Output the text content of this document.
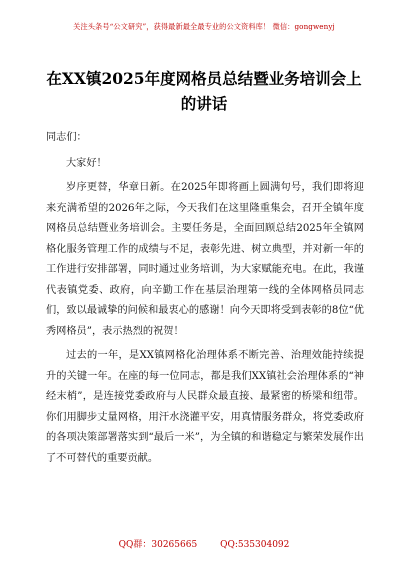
关注头条号“公文研究”，获得最新最全最专业的公文资料库！ 微信：gongwenyj
在XX镇2025年度网格员总结暨业务培训会上的讲话
同志们：
大家好！

岁序更替，华章日新。在2025年即将画上圆满句号，我们即将迎来充满希望的2026年之际，今天我们在这里隆重集会，召开全镇年度网格员总结暨业务培训会。主要任务是，全面回顾总结2025年全镇网格化服务管理工作的成绩与不足，表彰先进、树立典型，并对新一年的工作进行安排部署，同时通过业务培训，为大家赋能充电。在此，我谨代表镇党委、政府，向辛勤工作在基层治理第一线的全体网格员同志们，致以最诚挚的问候和最衷心的感谢！向今天即将受到表彰的8位“优秀网格员”，表示热烈的祝贺！

过去的一年，是XX镇网格化治理体系不断完善、治理效能持续提升的关键一年。在座的每一位同志，都是我们XX镇社会治理体系的“神经末梢”，是连接党委政府与人民群众最直接、最紧密的桥梁和纽带。你们用脚步丈量网格，用汗水浇灌平安，用真情服务群众，将党委政府的各项决策部署落实到“最后一米”，为全镇的和谐稳定与繁荣发展作出了不可替代的重要贡献。

QQ群：30265665	QQ:535304092
